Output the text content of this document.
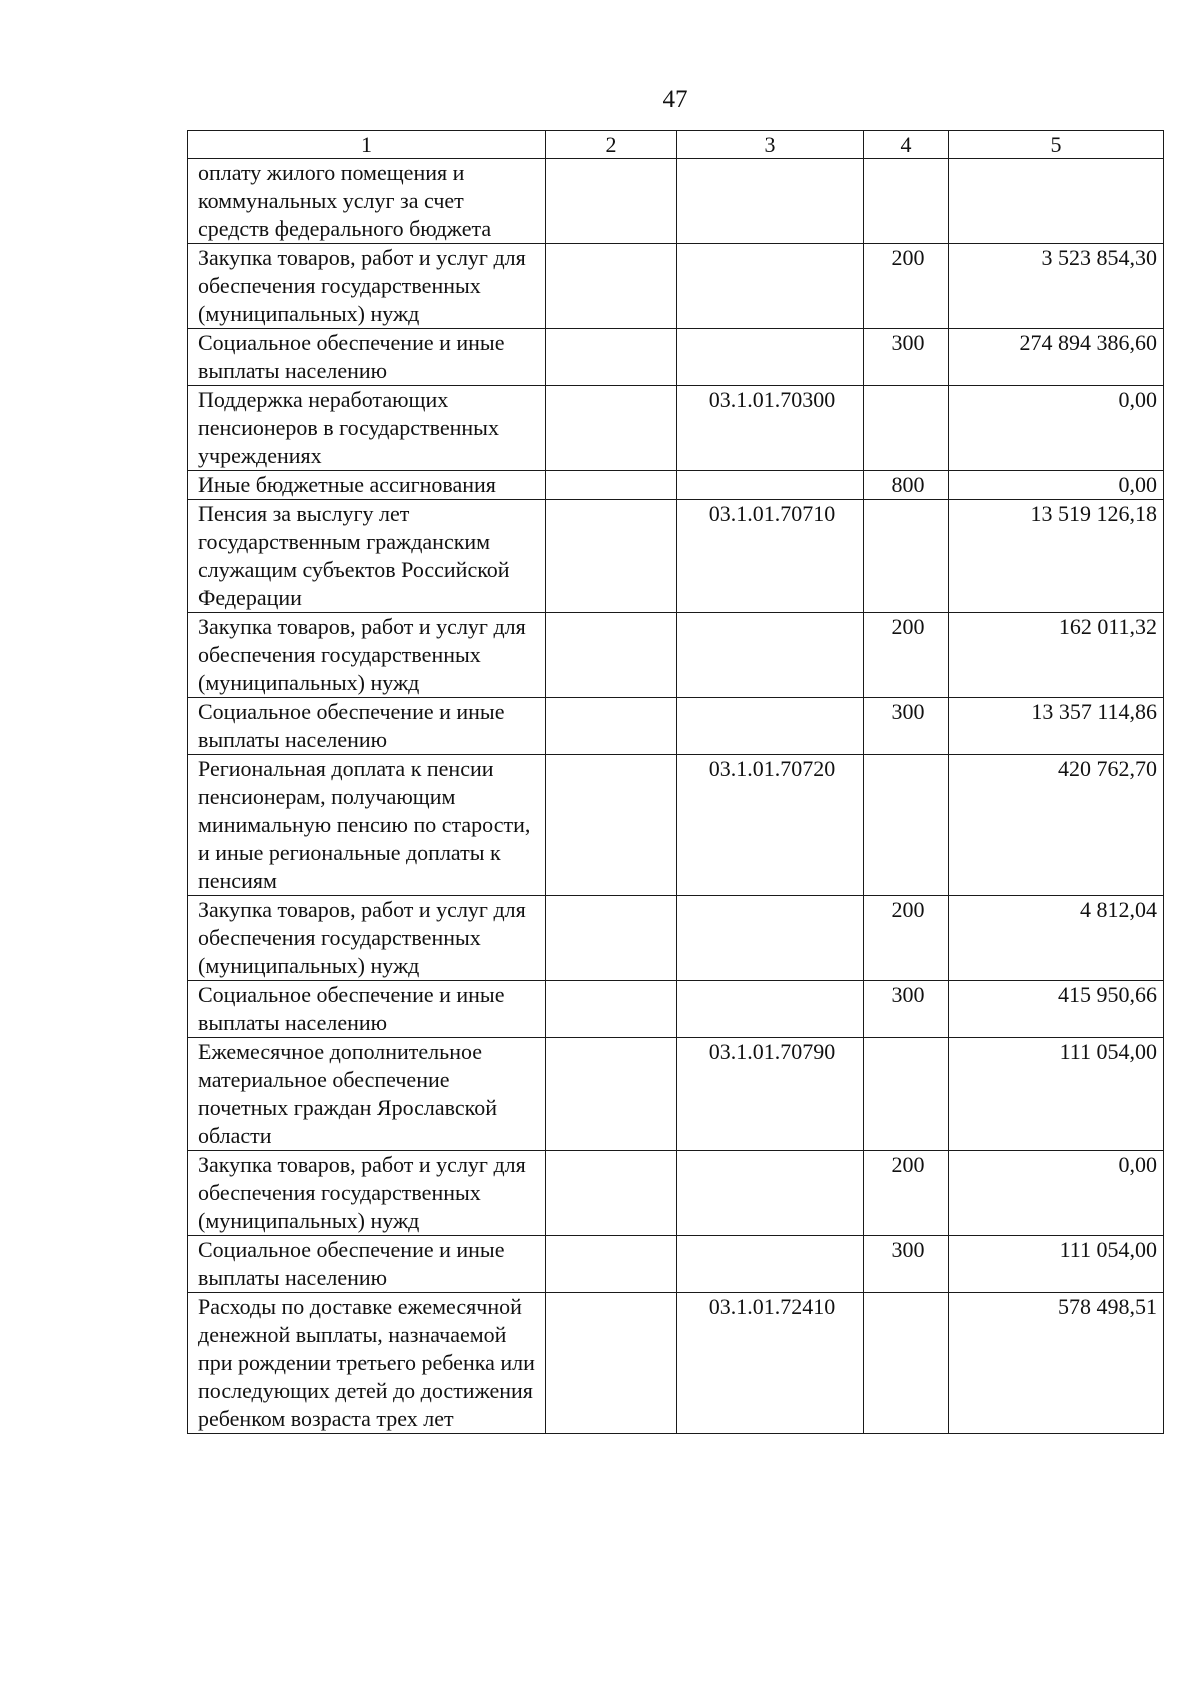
47
1	2	3	4	5
оплату жилого помещения и коммунальных услуг за счет средств федерального бюджета				
Закупка товаров, работ и услуг для обеспечения государственных (муниципальных) нужд			200	3 523 854,30
Социальное обеспечение и иные выплаты населению			300	274 894 386,60
Поддержка неработающих пенсионеров в государственных учреждениях		03.1.01.70300		0,00
Иные бюджетные ассигнования			800	0,00
Пенсия за выслугу лет государственным гражданским служащим субъектов Российской Федерации		03.1.01.70710		13 519 126,18
Закупка товаров, работ и услуг для обеспечения государственных (муниципальных) нужд			200	162 011,32
Социальное обеспечение и иные выплаты населению			300	13 357 114,86
Региональная доплата к пенсии пенсионерам, получающим минимальную пенсию по старости, и иные региональные доплаты к пенсиям		03.1.01.70720		420 762,70
Закупка товаров, работ и услуг для обеспечения государственных (муниципальных) нужд			200	4 812,04
Социальное обеспечение и иные выплаты населению			300	415 950,66
Ежемесячное дополнительное материальное обеспечение почетных граждан Ярославской области		03.1.01.70790		111 054,00
Закупка товаров, работ и услуг для обеспечения государственных (муниципальных) нужд			200	0,00
Социальное обеспечение и иные выплаты населению			300	111 054,00
Расходы по доставке ежемесячной денежной выплаты, назначаемой при рождении третьего ребенка или последующих детей до достижения ребенком возраста трех лет		03.1.01.72410		578 498,51
